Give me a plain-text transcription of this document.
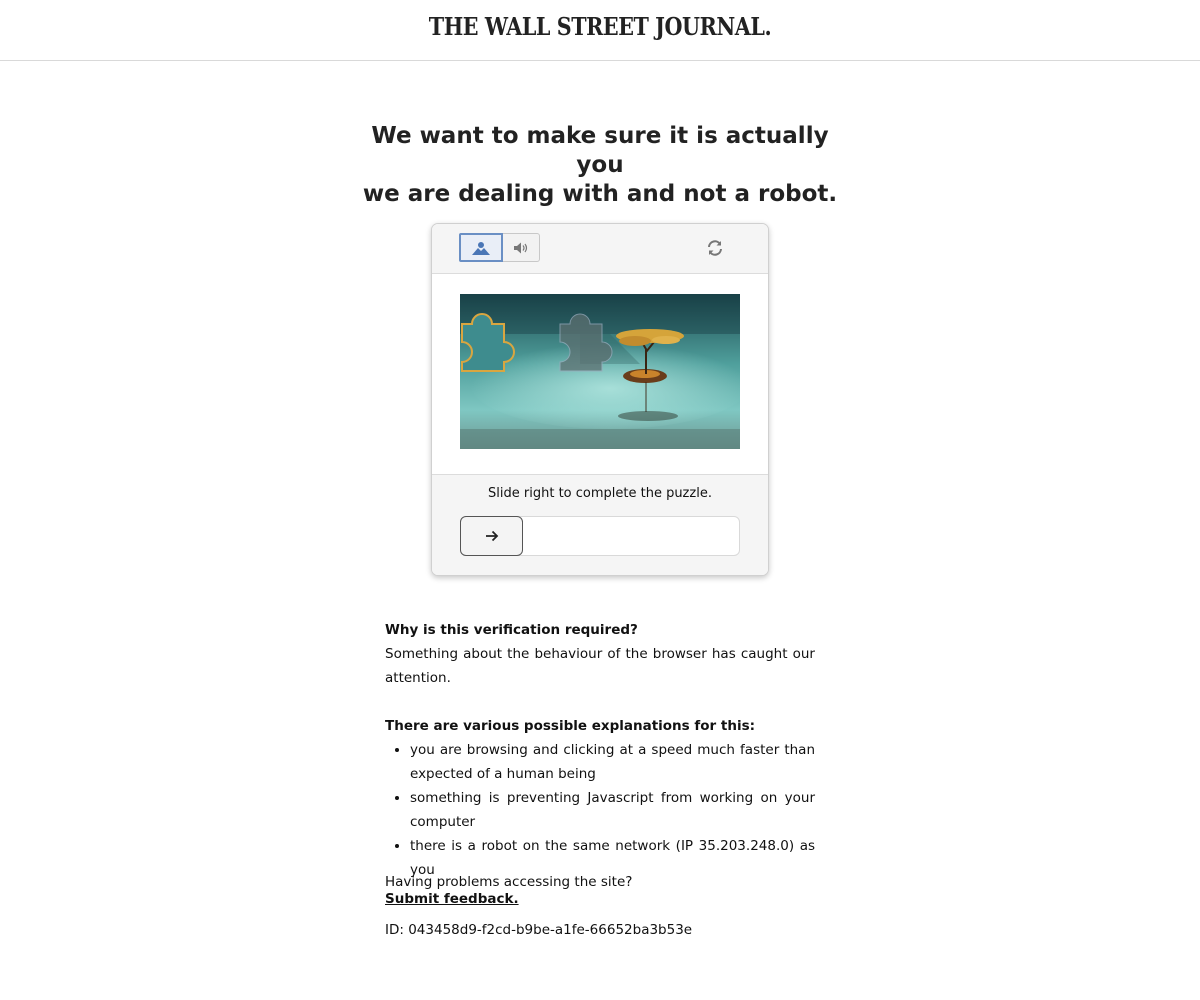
THE WALL STREET JOURNAL.
We want to make sure it is actually you
we are dealing with and not a robot.
Slide right to complete the puzzle.

Why is this verification required?

Something about the behaviour of the browser has caught our attention.

There are various possible explanations for this:

• you are browsing and clicking at a speed much faster than expected of a human being
• something is preventing Javascript from working on your computer
• there is a robot on the same network (IP 35.203.248.0) as you
Having problems accessing the site?
Submit feedback.
ID: 043458d9-f2cd-b9be-a1fe-66652ba3b53e
